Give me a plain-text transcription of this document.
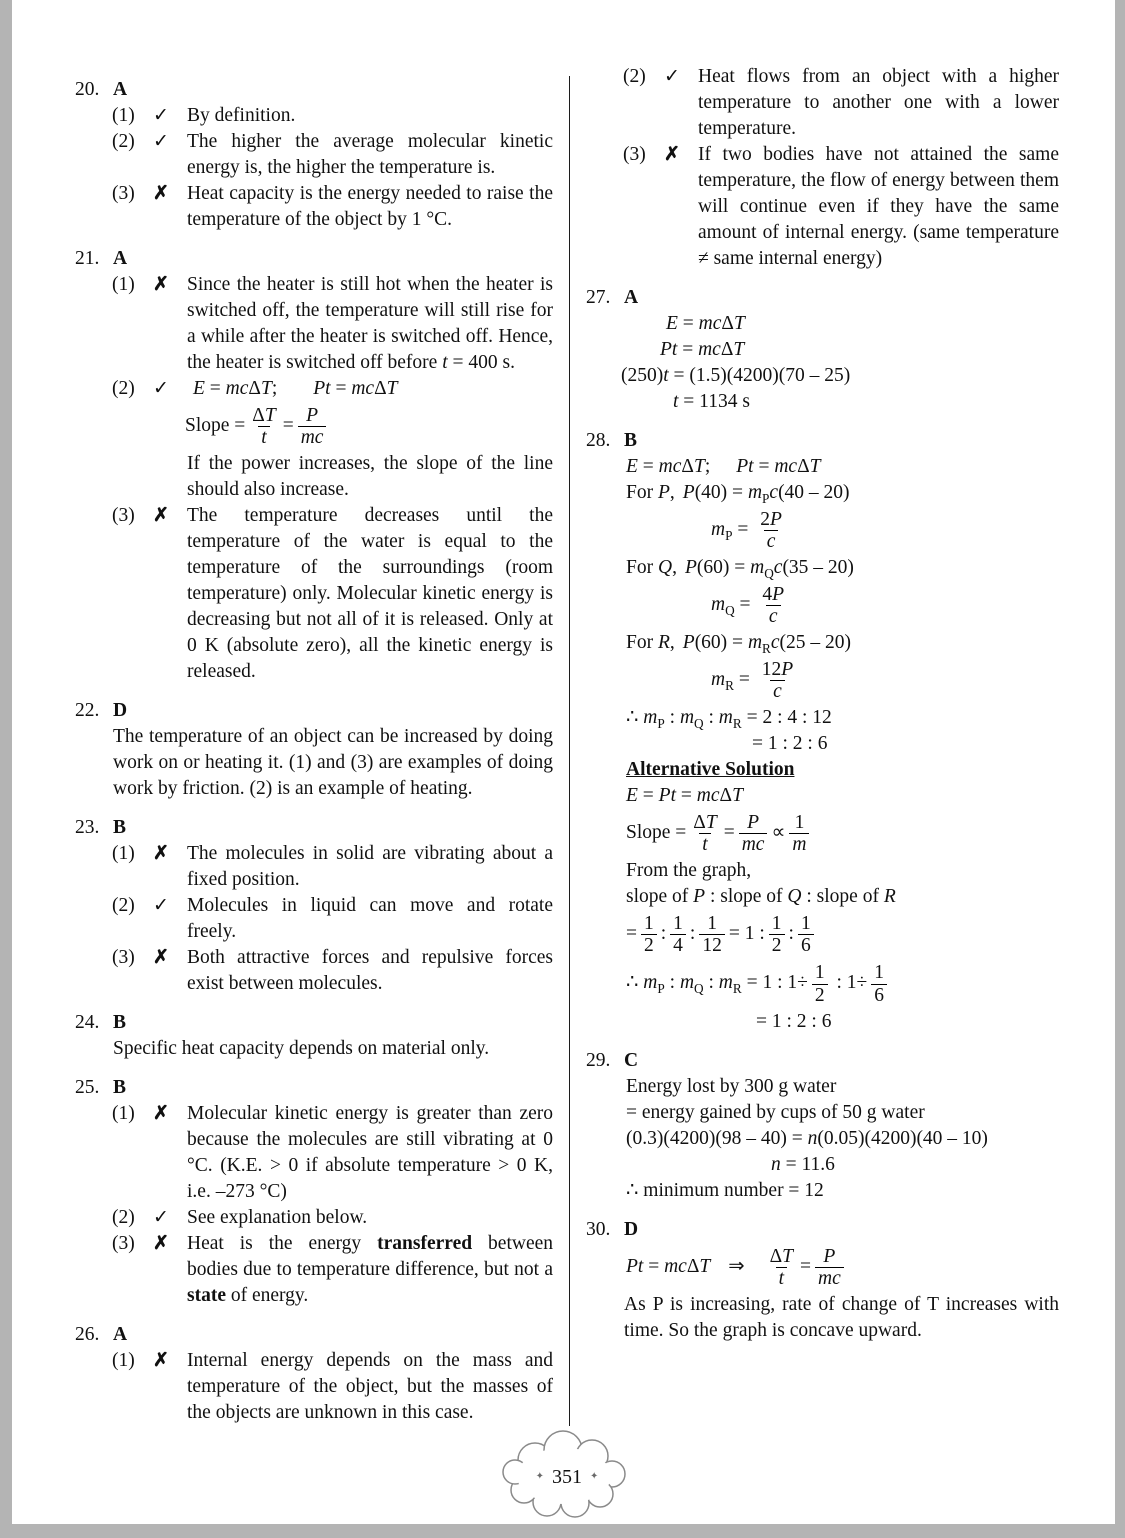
20. A
(1) ✓ By definition.
(2) ✓ The higher the average molecular kinetic energy is, the higher the temperature is.
(3) ✗ Heat capacity is the energy needed to raise the temperature of the object by 1 °C.
21. A
(1) ✗ Since the heater is still hot when the heater is switched off, the temperature will still rise for a while after the heater is switched off. Hence, the heater is switched off before t = 400 s.
(2) ✓	E = mcΔT; Pt = mcΔT
Slope = $\frac{\Delta T}{t} = \frac{P}{mc}$
If the power increases, the slope of the line should also increase.
(3) ✗ The temperature decreases until the temperature of the water is equal to the temperature of the surroundings (room temperature) only. Molecular kinetic energy is decreasing but not all of it is released. Only at 0 K (absolute zero), all the kinetic energy is released.
22. D
The temperature of an object can be increased by doing work on or heating it. (1) and (3) are examples of doing work by friction. (2) is an example of heating.
23. B
(1) ✗ The molecules in solid are vibrating about a fixed position.
(2) ✓ Molecules in liquid can move and rotate freely.
(3) ✗ Both attractive forces and repulsive forces exist between molecules.
24. B
Specific heat capacity depends on material only.
25. B
(1) ✗ Molecular kinetic energy is greater than zero because the molecules are still vibrating at 0 °C. (K.E. > 0 if absolute temperature > 0 K, i.e. –273 °C)
(2) ✓ See explanation below.
(3) ✗ Heat is the energy transferred between bodies due to temperature difference, but not a state of energy.
26. A
(1) ✗ Internal energy depends on the mass and temperature of the object, but the masses of the objects are unknown in this case.
(2) ✓ Heat flows from an object with a higher temperature to another one with a lower temperature.
(3) ✗ If two bodies have not attained the same temperature, the flow of energy between them will continue even if they have the same amount of internal energy. (same temperature ≠ same internal energy)
27. A
E = mcΔT
Pt = mcΔT
(250)t = (1.5)(4200)(70 – 25)
t = 1134 s
28. B
E = mcΔT; Pt = mcΔT
For P, $P(40) = m_Pc(40 - 20)$
$m_P = \frac{2P}{c}$
For Q, $P(60) = m_Qc(35 - 20)$
$m_Q = \frac{4P}{c}$
For R, $P(60) = m_Rc(25 - 20)$
$m_R = \frac{12P}{c}$
∴ $m_P$ : $m_Q$ : $m_R = 2$ : 4 : 12
= 1 : 2 : 6
Alternative Solution
E = Pt = mcΔT
Slope = $\frac{\Delta T}{t} = \frac{P}{mc} \propto \frac{1}{m}$
From the graph,
slope of P : slope of Q : slope of R
= $\frac{1}{2}$ : $\frac{1}{4}$ : $\frac{1}{12} = 1$ : $\frac{1}{2}$ : $\frac{1}{6}$
∴ $m_P$ : $m_Q$ : $m_R = 1$ : $1\div \frac{1}{2}$ : $1\div \frac{1}{6}$
= 1 : 2 : 6
29. C
Energy lost by 300 g water
= energy gained by cups of 50 g water
(0.3)(4200)(98 – 40) = n(0.05)(4200)(40 – 10)
n = 11.6
∴ minimum number = 12
30. D
Pt = mcΔT ⇒ $\frac{\Delta T}{t} = \frac{P}{mc}$
As P is increasing, rate of change of T increases with time. So the graph is concave upward.
✦ 351 ✦
